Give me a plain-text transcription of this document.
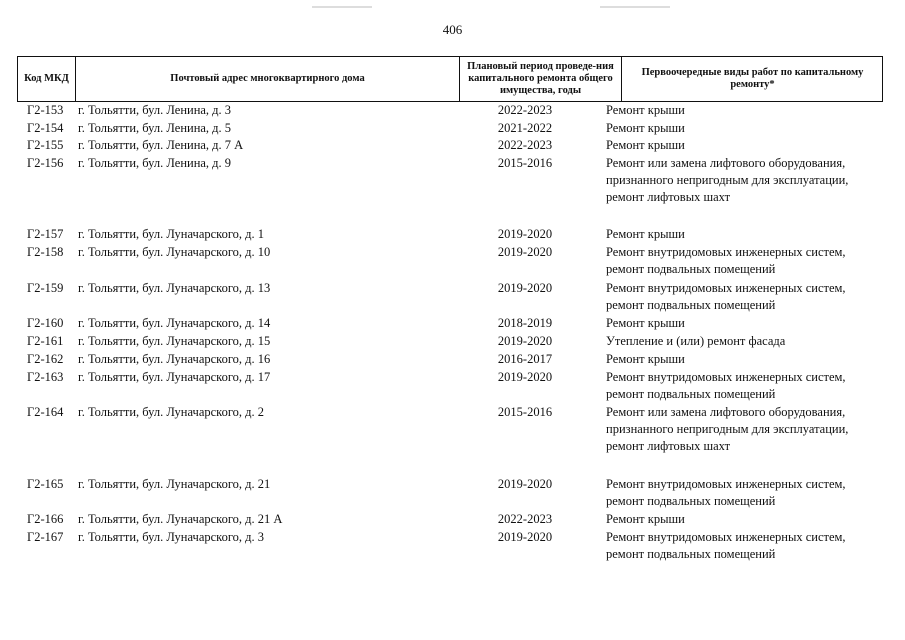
406
Код МКД	Почтовый адрес многоквартирного дома
Плановый период проведе-ния капитального ремонта общего имущества, годы
Первоочередные виды работ по капитальному ремонту*
Г2-153 г. Тольятти, бул. Ленина, д. 3	2022-2023	Ремонт крыши
Г2-154 г. Тольятти, бул. Ленина, д. 5	2021-2022	Ремонт крыши
Г2-155 г. Тольятти, бул. Ленина, д. 7 А	2022-2023	Ремонт крыши
Г2-156 г. Тольятти, бул. Ленина, д. 9	2015-2016	Ремонт или замена лифтового оборудования,
признанного непригодным для эксплуатации,
ремонт лифтовых шахт
Г2-157 г. Тольятти, бул. Луначарского, д. 1	2019-2020	Ремонт крыши
Г2-158 г. Тольятти, бул. Луначарского, д. 10	2019-2020	Ремонт внутридомовых инженерных систем,
ремонт подвальных помещений
Г2-159 г. Тольятти, бул. Луначарского, д. 13	2019-2020	Ремонт внутридомовых инженерных систем,
ремонт подвальных помещений
Г2-160 г. Тольятти, бул. Луначарского, д. 14	2018-2019	Ремонт крыши
Г2-161 г. Тольятти, бул. Луначарского, д. 15	2019-2020	Утепление и (или) ремонт фасада
Г2-162 г. Тольятти, бул. Луначарского, д. 16	2016-2017	Ремонт крыши
Г2-163 г. Тольятти, бул. Луначарского, д. 17	2019-2020	Ремонт внутридомовых инженерных систем,
ремонт подвальных помещений
Г2-164 г. Тольятти, бул. Луначарского, д. 2	2015-2016	Ремонт или замена лифтового оборудования,
признанного непригодным для эксплуатации,
ремонт лифтовых шахт
Г2-165 г. Тольятти, бул. Луначарского, д. 21	2019-2020	Ремонт внутридомовых инженерных систем,
ремонт подвальных помещений
Г2-166 г. Тольятти, бул. Луначарского, д. 21 А	2022-2023	Ремонт крыши
Г2-167 г. Тольятти, бул. Луначарского, д. 3	2019-2020	Ремонт внутридомовых инженерных систем,
ремонт подвальных помещений
